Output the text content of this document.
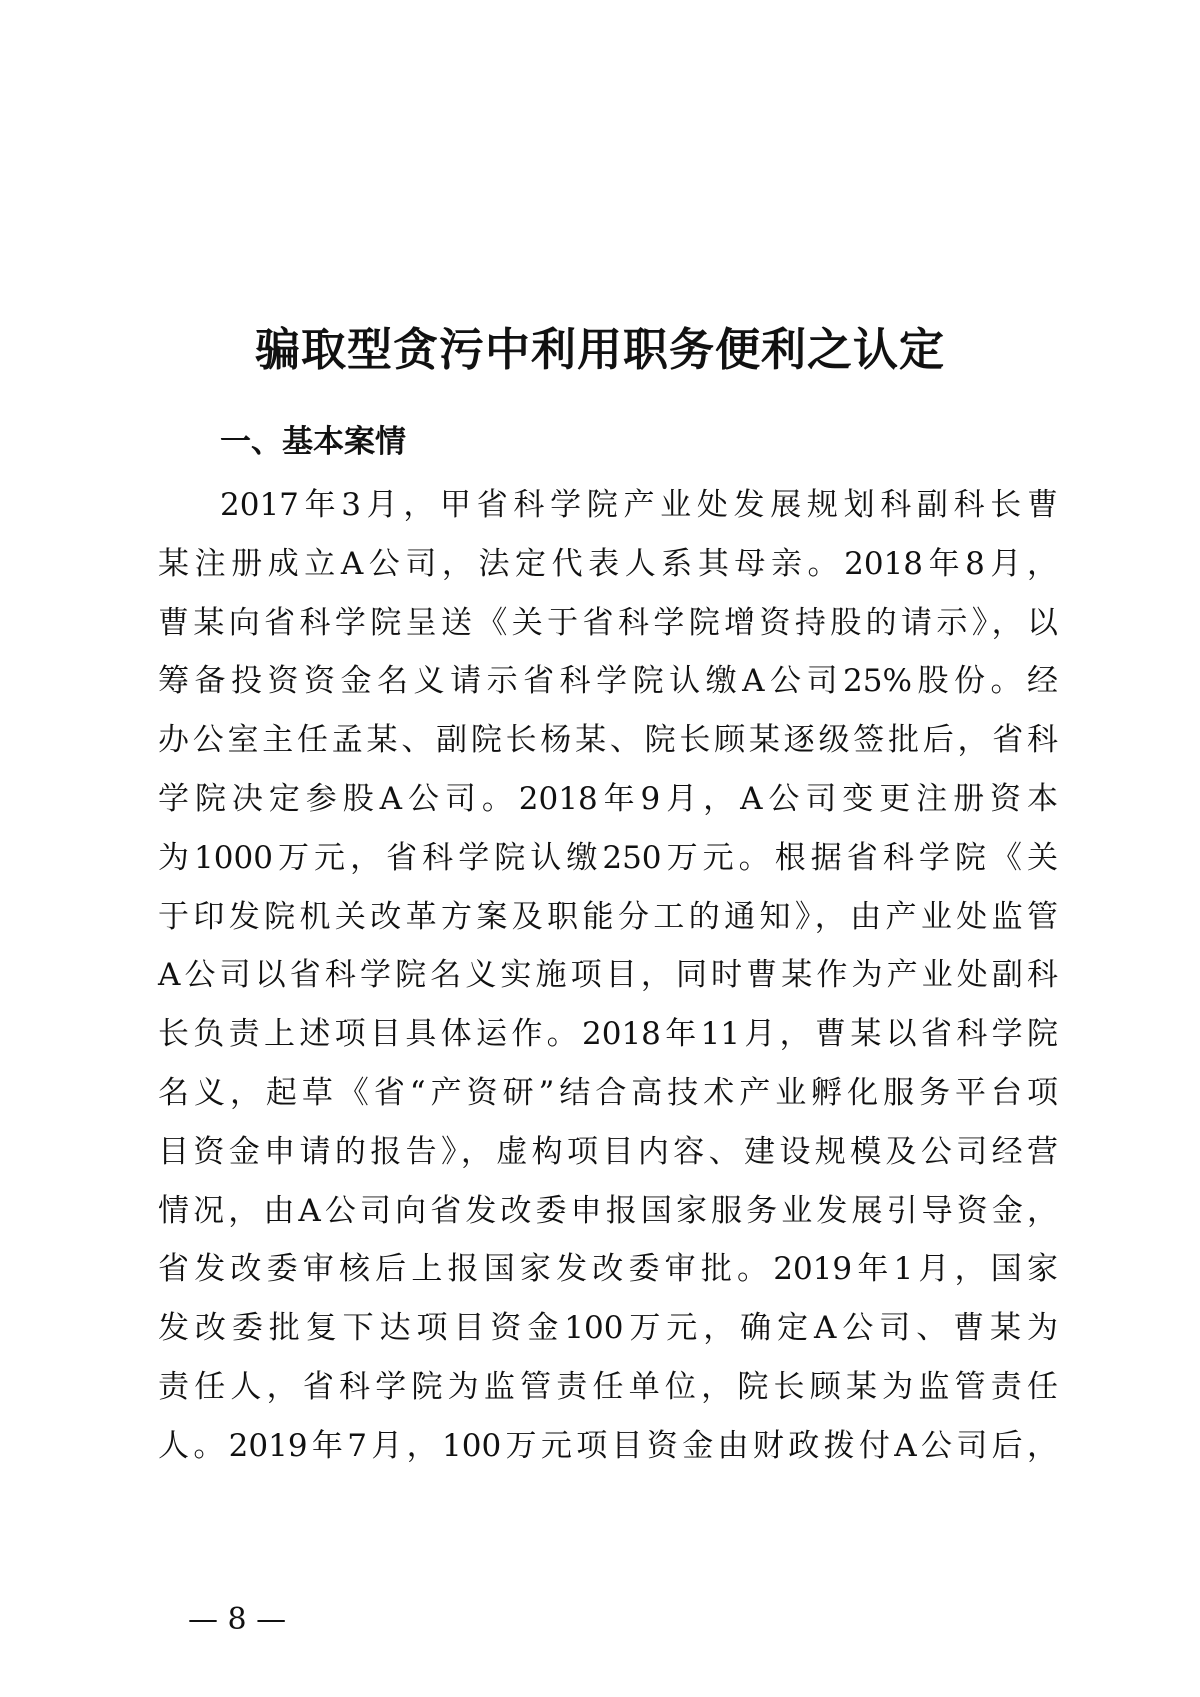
骗取型贪污中利用职务便利之认定
一、基本案情
2017年3月，甲省科学院产业处发展规划科副科长曹
某注册成立A公司，法定代表人系其母亲。2018年8月，
曹某向省科学院呈送《关于省科学院增资持股的请示》，以
筹备投资资金名义请示省科学院认缴A公司25%股份。经
办公室主任孟某、副院长杨某、院长顾某逐级签批后，省科
学院决定参股A公司。2018年9月，A公司变更注册资本
为1000万元，省科学院认缴250万元。根据省科学院《关
于印发院机关改革方案及职能分工的通知》，由产业处监管
A公司以省科学院名义实施项目，同时曹某作为产业处副科
长负责上述项目具体运作。2018年11月，曹某以省科学院
名义，起草《省“产资研”结合高技术产业孵化服务平台项
目资金申请的报告》，虚构项目内容、建设规模及公司经营
情况，由A公司向省发改委申报国家服务业发展引导资金，
省发改委审核后上报国家发改委审批。2019年1月，国家
发改委批复下达项目资金100万元，确定A公司、曹某为
责任人，省科学院为监管责任单位，院长顾某为监管责任
人。2019年7月，100万元项目资金由财政拨付A公司后，
— 8 —
